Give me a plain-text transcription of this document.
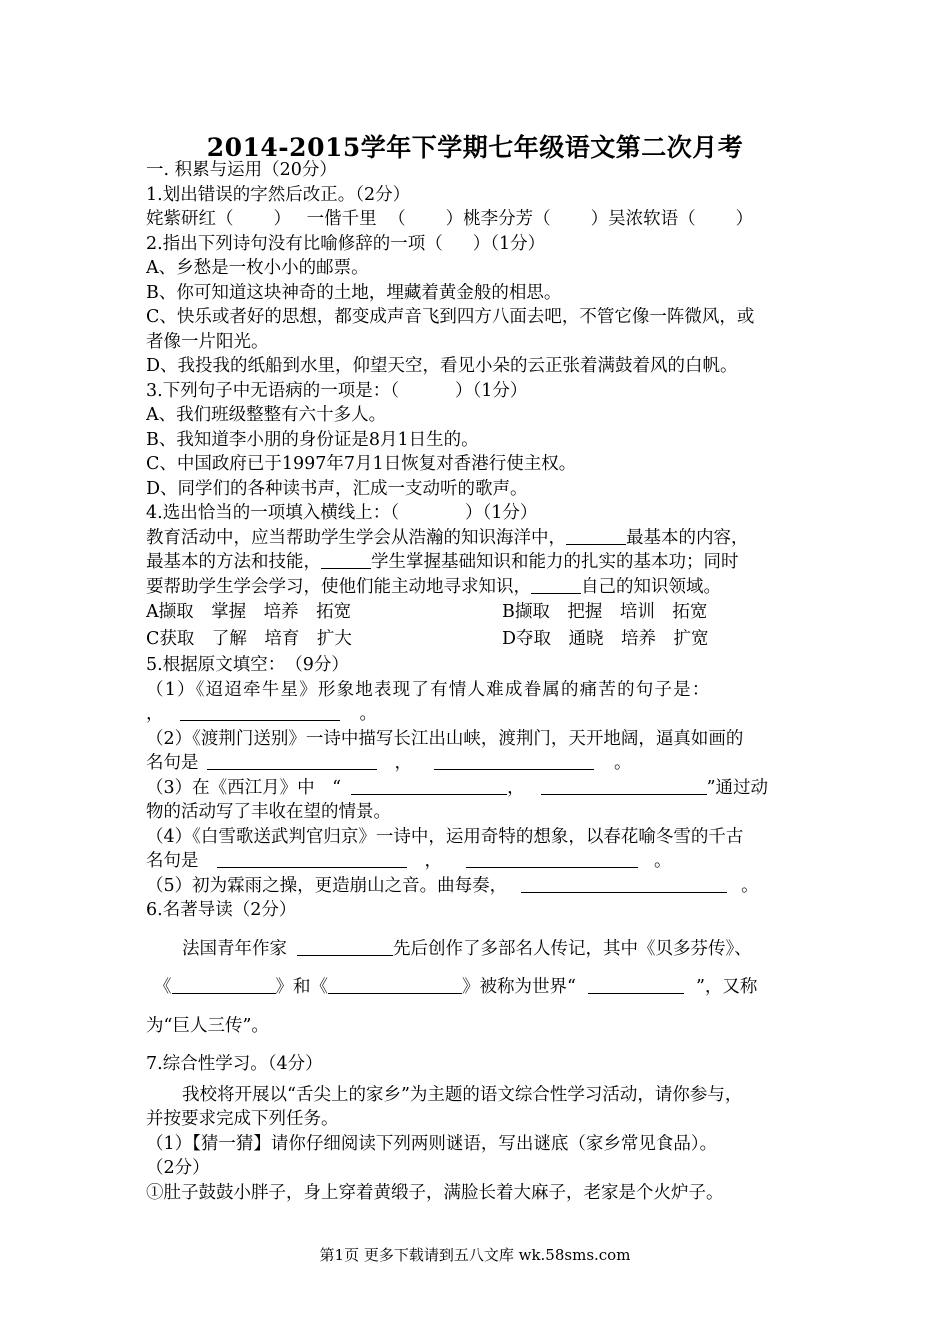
2014-2015学年下学期七年级语文第二次月考
一. 积累与运用（20分）
1.划出错误的字然后改正。（2分）
姹紫研红（ ） 一偕千里 （ ）桃李分芳（ ）吴浓软语（ ）
2.指出下列诗句没有比喻修辞的一项（ ）（1分）
A、乡愁是一枚小小的邮票。
B、你可知道这块神奇的土地，埋藏着黄金般的相思。
C、快乐或者好的思想，都变成声音飞到四方八面去吧，不管它像一阵微风，或
者像一片阳光。
D、我投我的纸船到水里，仰望天空，看见小朵的云正张着满鼓着风的白帆。
3.下列句子中无语病的一项是：（	）（1分）
A、我们班级整整有六十多人。
B、我知道李小朋的身份证是8月1日生的。
C、中国政府已于1997年7月1日恢复对香港行使主权。
D、同学们的各种读书声，汇成一支动听的歌声。
4.选出恰当的一项填入横线上：（	）（1分）
教育活动中，应当帮助学生学会从浩瀚的知识海洋中，	最基本的内容，
最基本的方法和技能，	学生掌握基础知识和能力的扎实的基本功；同时
要帮助学生学会学习，使他们能主动地寻求知识，	自己的知识领域。
A撷取　掌握　培养　拓宽	B撷取　把握　培训　拓宽
C获取　了解　培育　扩大	D夺取　通晓　培养　扩宽
5.根据原文填空：　（9分）
（1）《迢迢牵牛星》形象地表现了有情人难成眷属的痛苦的句子是：
，	。
（2）《渡荆门送别》一诗中描写长江出山峡，渡荆门，天开地阔，逼真如画的
名句是	，	。
（3）在《西江月》中　“	，	”通过动
物的活动写了丰收在望的情景。
（4）《白雪歌送武判官归京》一诗中，运用奇特的想象，以春花喻冬雪的千古
名句是	，	。
（5）初为霖雨之操，更造崩山之音。曲每奏，	。
6.名著导读（2分）
法国青年作家	先后创作了多部名人传记，其中《贝多芬传》、
《	》和《	》被称为世界“	”，又称
为“巨人三传”。
7.综合性学习。（4分）
我校将开展以“舌尖上的家乡”为主题的语文综合性学习活动，请你参与，
并按要求完成下列任务。
（1）【猜一猜】请你仔细阅读下列两则谜语，写出谜底（家乡常见食品）。
（2分）
①肚子鼓鼓小胖子，身上穿着黄缎子，满脸长着大麻子，老家是个火炉子。
第1页 更多下载请到五八文库 wk.58sms.com
